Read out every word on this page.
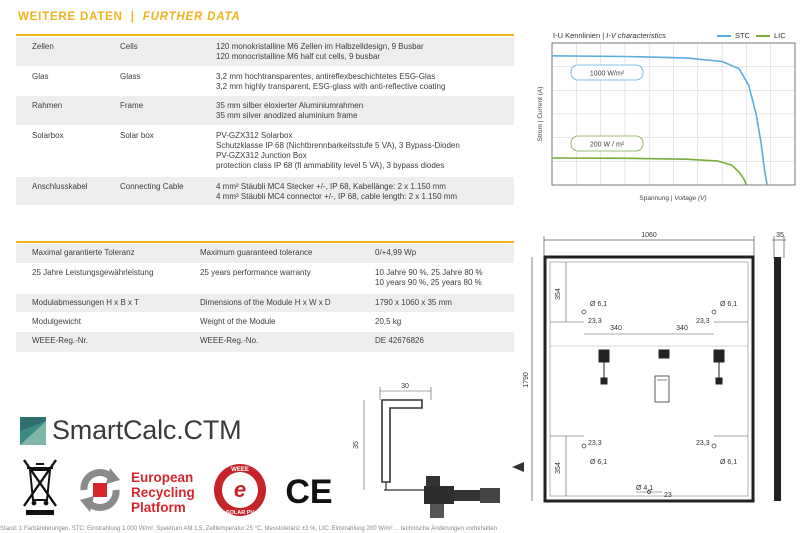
WEITERE DATEN | FURTHER DATA
Zellen	Cells	120 monokristalline M6 Zellen im Halbzelldesign, 9 Busbar
120 monocristalline M6 half cut cells, 9 busbar

Glas	Glass	3,2 mm hochtransparentes, antireflexbeschichtetes ESG-Glas
3,2 mm highly transparent, ESG-glass with anti-reflective coating

Rahmen	Frame	35 mm silber eloxierter Aluminiumrahmen
35 mm silver anodized aluminium frame

Solarbox	Solar box	PV-GZX312 Solarbox
Schutzklasse IP 68 (Nichtbrennbarkeitsstufe 5 VA), 3 Bypass-Dioden
PV-GZX312 Junction Box
protection class IP 68 (fl ammability level 5 VA), 3 bypass diodes

Anschlusskabel	Connecting Cable	4 mm² Stäubli MC4 Stecker +/-, IP 68, Kabellänge: 2 x 1.150 mm
4 mm² Stäubli MC4 connector +/-, IP 68, cable length: 2 x 1.150 mm
Maximal garantierte Toleranz	Maximum guaranteed tolerance	0/+4,99 Wp

25 Jahre Leistungsgewährleistung	25 years performance warranty	10 Jahre 90 %, 25 Jahre 80 %
10 years 90 %, 25 years 80 %

Modulabmessungen H x B x T	Dimensions of the Module H x W x D	1790 x 1060 x 35 mm

Modulgewicht	Weight of the Module	20,5 kg

WEEE-Reg.-Nr.	WEEE-Reg.-No.	DE 42676826
I-U Kennlinien | I-V characteristics	STC	LIC
Strom | Current (A)
Spannung | Voltage (V)
1000 W/m²
200 W / m²
1060	35
1790
354
354
Ø 6,1	Ø 6,1
Ø 6,1	Ø 6,1
23,3	23,3
23,3	23,3
340	340
Ø 4,1
23
30
35
SmartCalc.CTM
European
Recycling
Platform
e
WEEE
SOLAR PV
CE
Stand: 1 Farbänderungen, STC: Einstrahlung 1.000 W/m², Spektrum AM 1,5, Zelltemperatur 25 °C, Messtoleranz ±3 %, LIC: Einstrahlung 200 W/m² ... technische Änderungen vorbehalten
